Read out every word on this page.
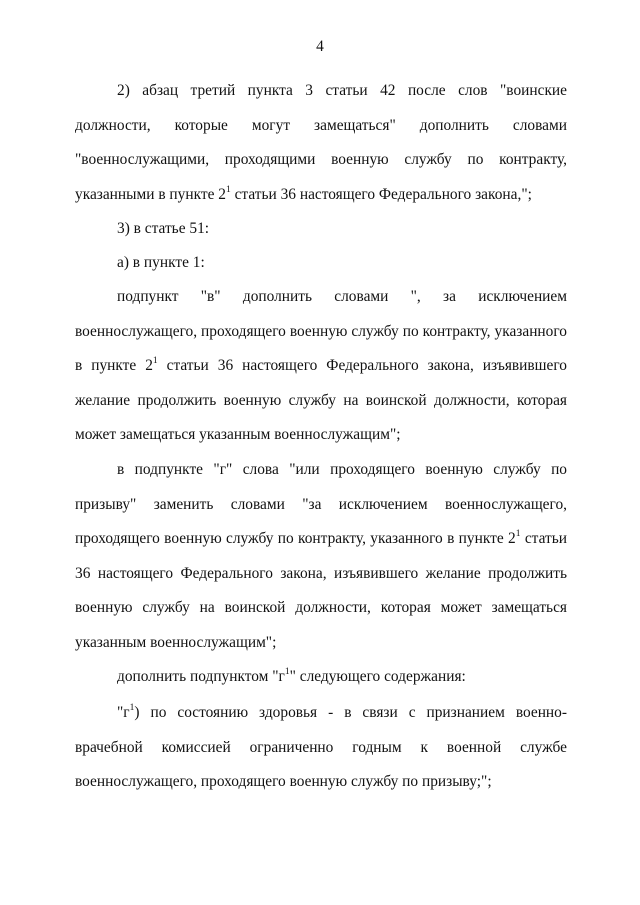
4

2) абзац третий пункта 3 статьи 42 после слов "воинские должности, которые могут замещаться" дополнить словами "военнослужащими, проходящими военную службу по контракту, указанными в пункте $2^1$ статьи 36 настоящего Федерального закона,";

3) в статье 51:

а) в пункте 1:

подпункт "в" дополнить словами ", за исключением военнослужащего, проходящего военную службу по контракту, указанного в пункте $2^1$ статьи 36 настоящего Федерального закона, изъявившего желание продолжить военную службу на воинской должности, которая может замещаться указанным военнослужащим";

в подпункте "г" слова "или проходящего военную службу по призыву" заменить словами "за исключением военнослужащего, проходящего военную службу по контракту, указанного в пункте $2^1$ статьи 36 настоящего Федерального закона, изъявившего желание продолжить военную службу на воинской должности, которая может замещаться указанным военнослужащим";

дополнить подпунктом "$г^1$" следующего содержания:

"$г^1$) по состоянию здоровья - в связи с признанием военно-врачебной комиссией ограниченно годным к военной службе военнослужащего, проходящего военную службу по призыву;";
